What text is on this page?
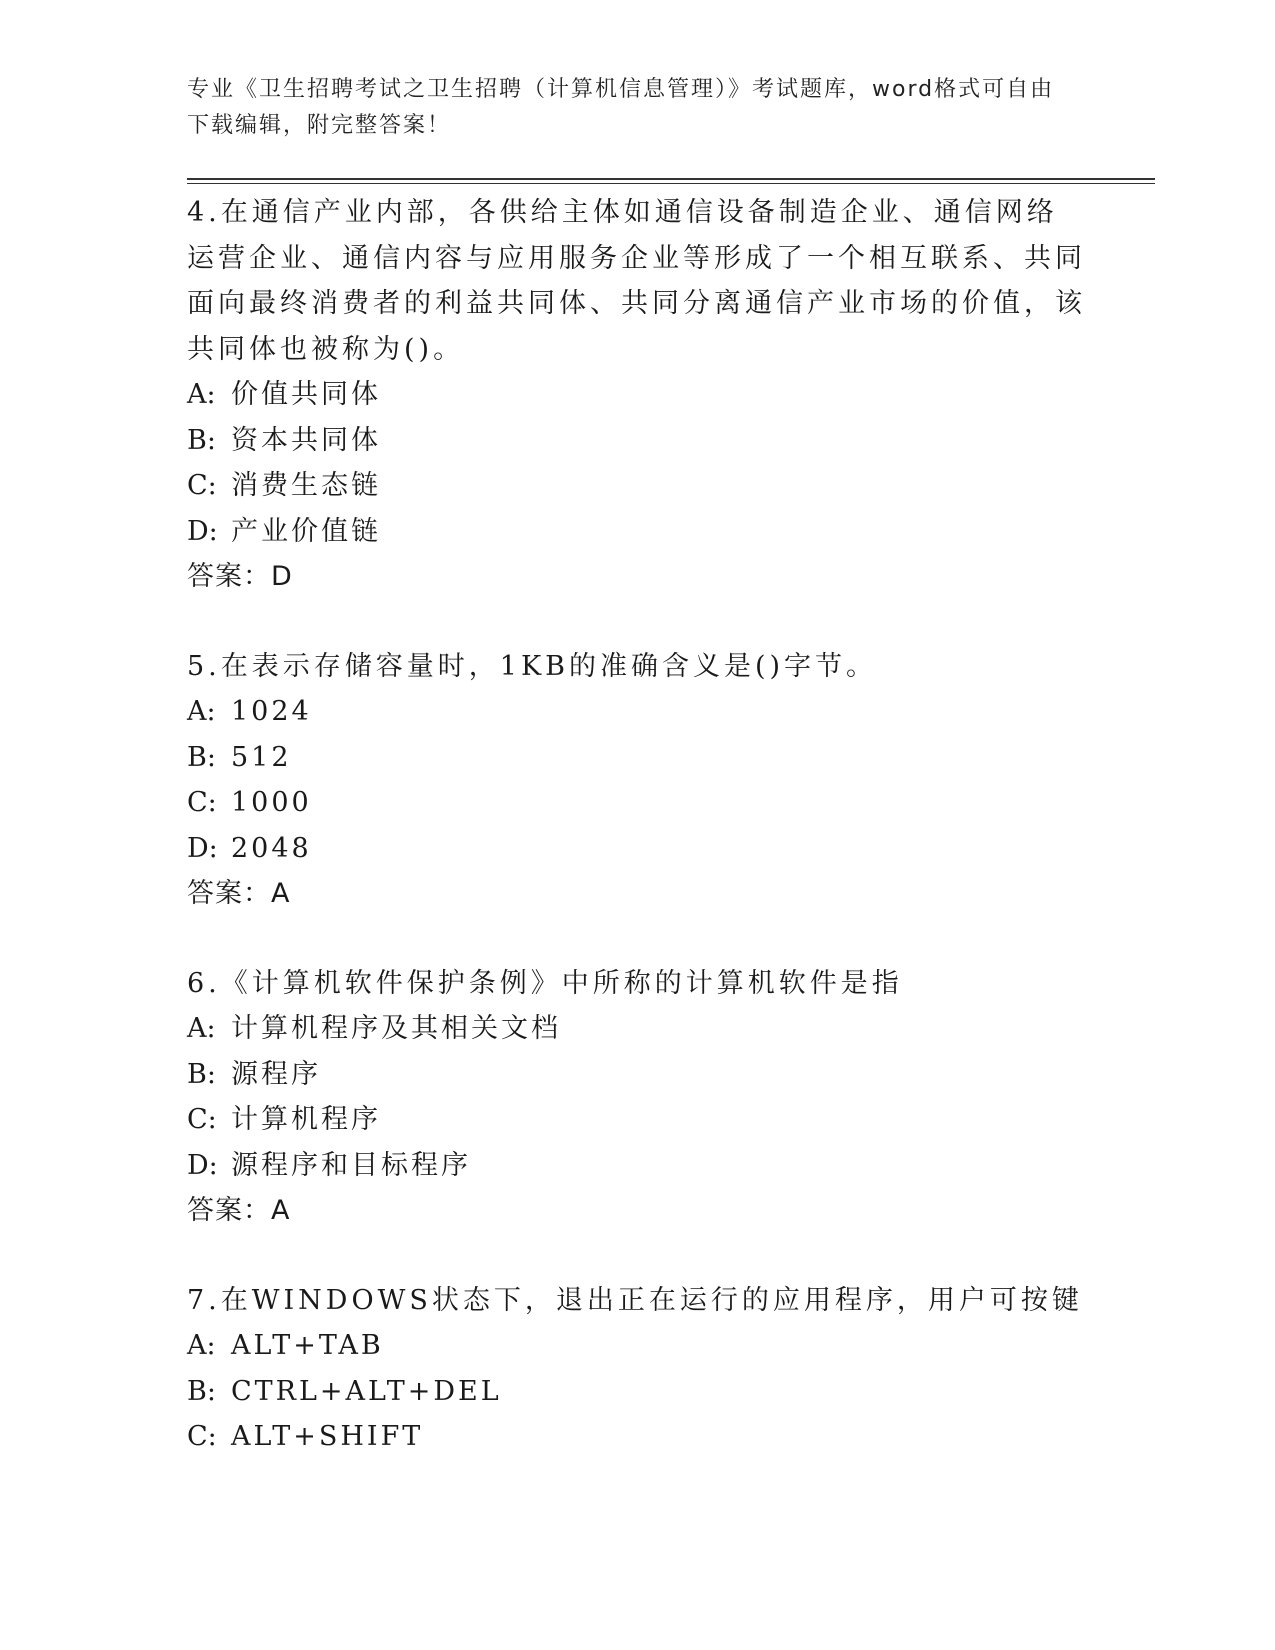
专业《卫生招聘考试之卫生招聘（计算机信息管理）》考试题库，word格式可自由下载编辑，附完整答案！

4.在通信产业内部，各供给主体如通信设备制造企业、通信网络运营企业、通信内容与应用服务企业等形成了一个相互联系、共同面向最终消费者的利益共同体、共同分离通信产业市场的价值，该共同体也被称为()。

A: 价值共同体

B: 资本共同体

C: 消费生态链

D: 产业价值链

答案：D

5.在表示存储容量时，1KB的准确含义是()字节。

A: 1024

B: 512

C: 1000

D: 2048

答案：A

6.《计算机软件保护条例》中所称的计算机软件是指

A: 计算机程序及其相关文档

B: 源程序

C: 计算机程序

D: 源程序和目标程序

答案：A

7.在WINDOWS状态下，退出正在运行的应用程序，用户可按键

A: ALT+TAB

B: CTRL+ALT+DEL

C: ALT+SHIFT
